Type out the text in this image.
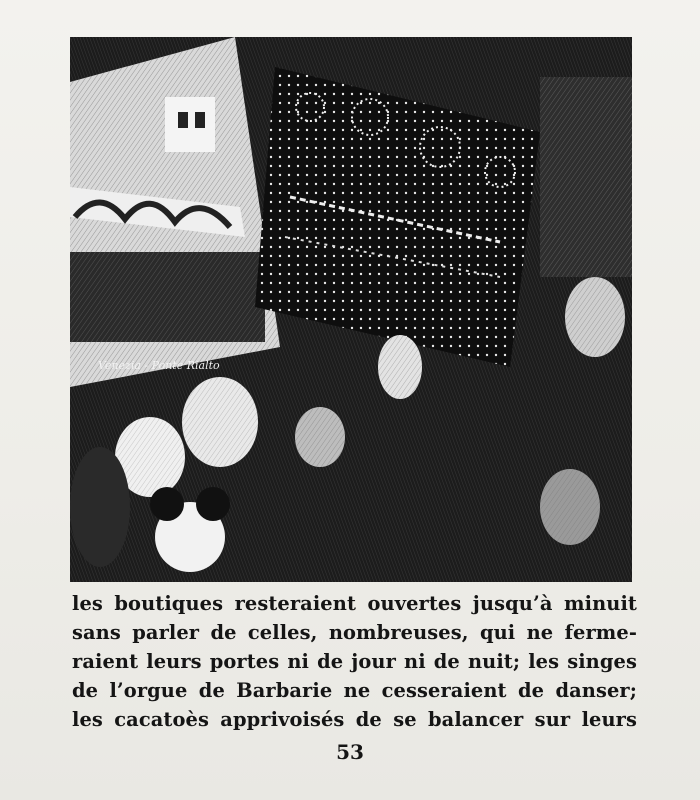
Venezia - Ponte Rialto
les boutiques resteraient ouvertes jusqu’à minuit
sans parler de celles, nombreuses, qui ne ferme-
raient leurs portes ni de jour ni de nuit; les singes
de l’orgue de Barbarie ne cesseraient de danser;
les cacatoès apprivoisés de se balancer sur leurs
53
